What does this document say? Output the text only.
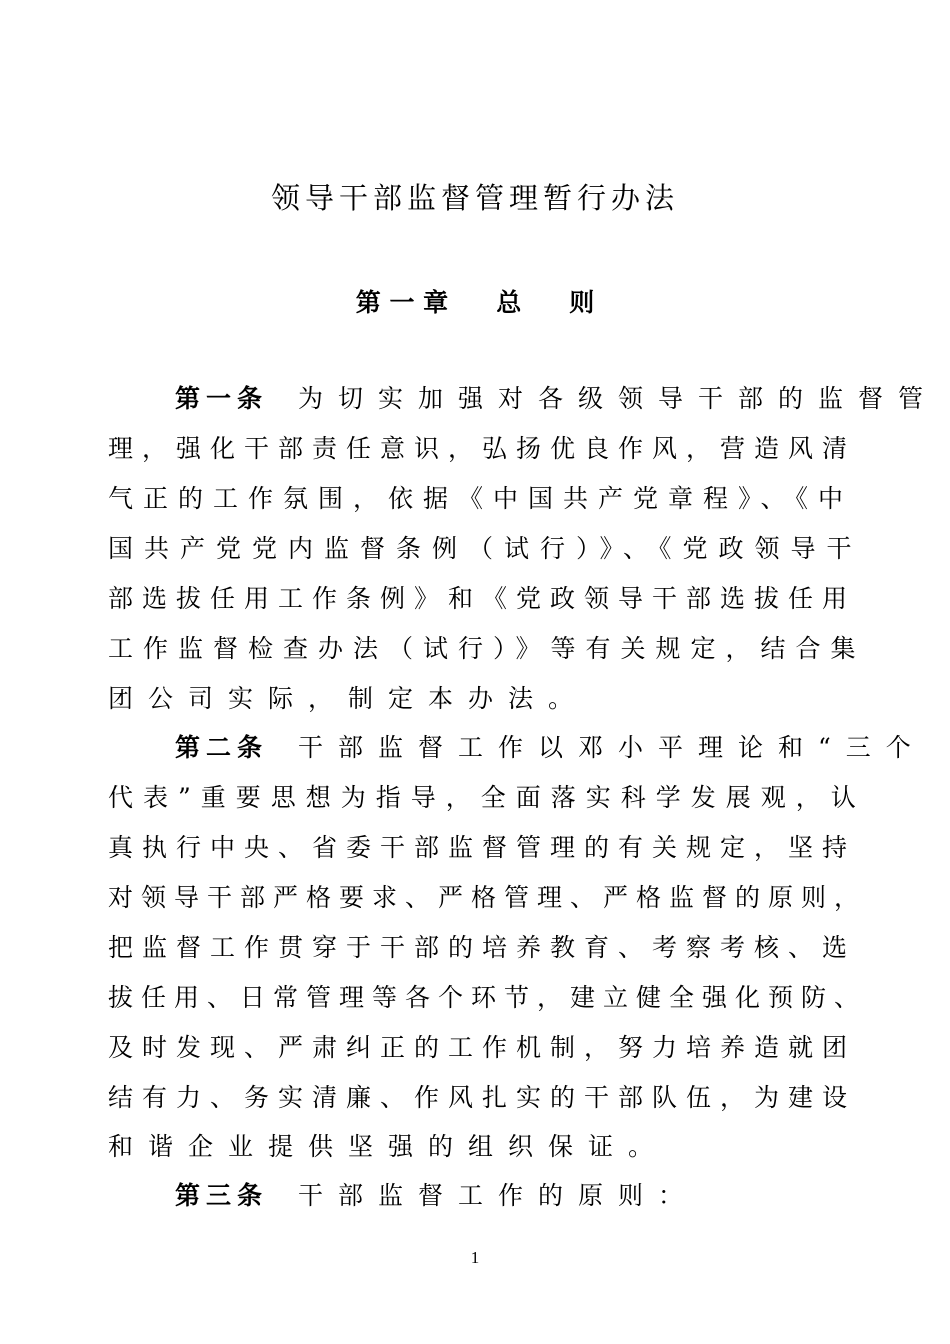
领导干部监督管理暂行办法
第 一 章 总 则
第一条 为切实加强对各级领导干部的监督管
理，强化干部责任意识，弘扬优良作风，营造风清
气正的工作氛围，依据《中国共产党章程》、《中
国共产党党内监督条例（试行）》、《党政领导干
部选拔任用工作条例》和《党政领导干部选拔任用
工作监督检查办法（试行）》等有关规定，结合集
团公司实际，制定本办法。
第二条 干部监督工作以邓小平理论和“三个
代表”重要思想为指导，全面落实科学发展观，认
真执行中央、省委干部监督管理的有关规定，坚持
对领导干部严格要求、严格管理、严格监督的原则，
把监督工作贯穿于干部的培养教育、考察考核、选
拔任用、日常管理等各个环节，建立健全强化预防、
及时发现、严肃纠正的工作机制，努力培养造就团
结有力、务实清廉、作风扎实的干部队伍，为建设
和谐企业提供坚强的组织保证。
第三条 干部监督工作的原则：
1
